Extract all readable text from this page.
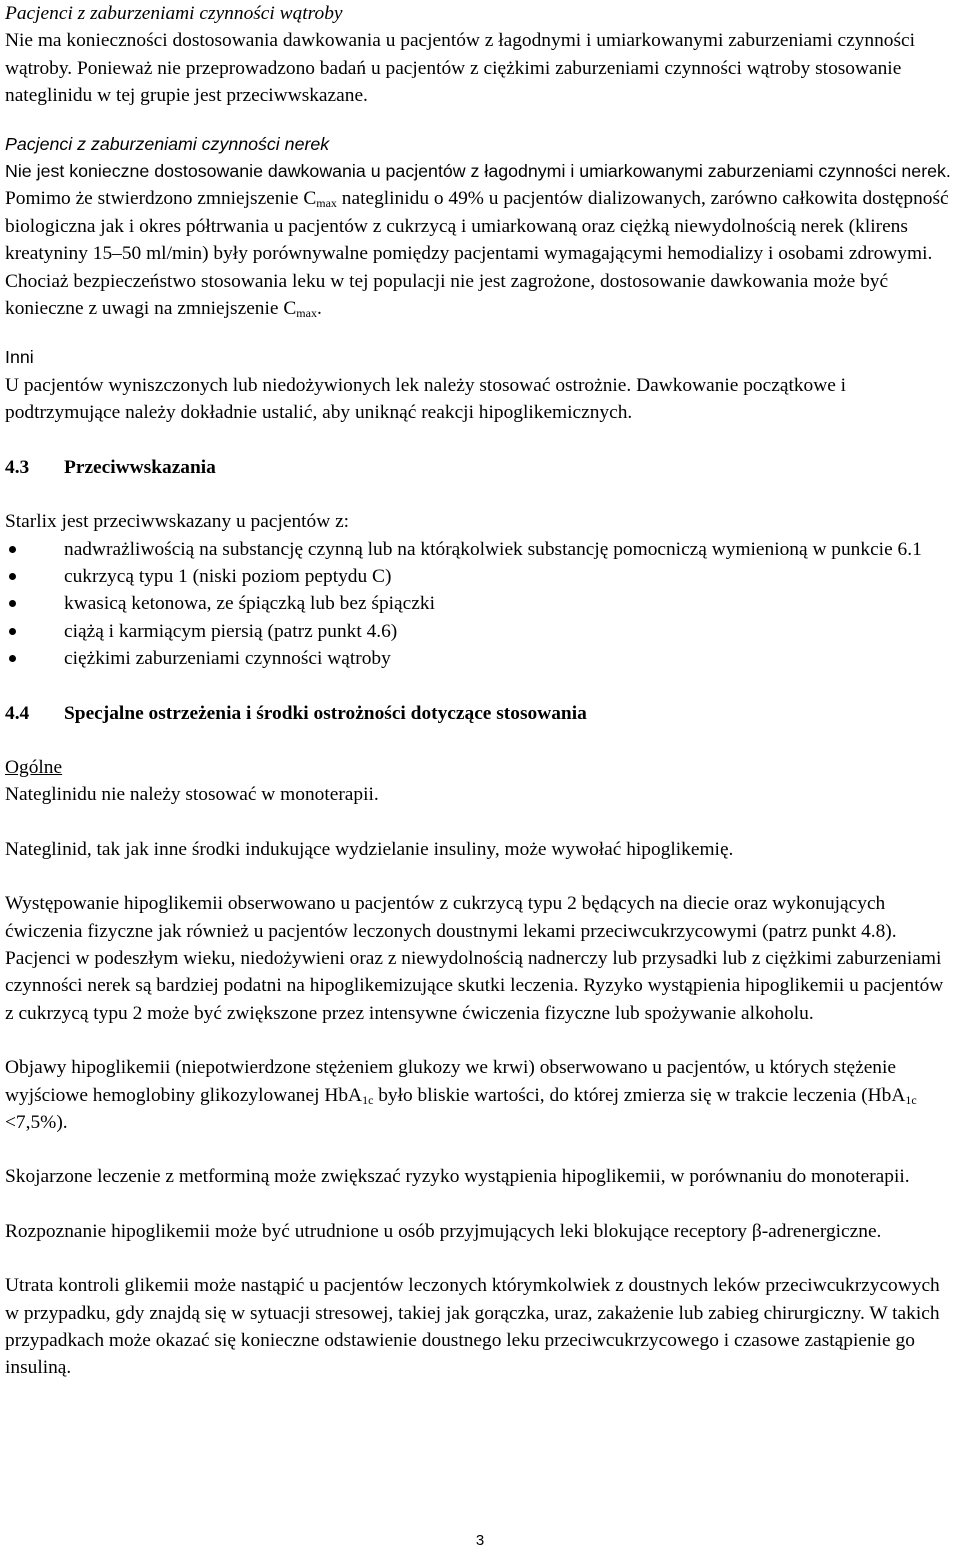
Pacjenci z zaburzeniami czynności wątroby

Nie ma konieczności dostosowania dawkowania u pacjentów z łagodnymi i umiarkowanymi zaburzeniami czynności wątroby. Ponieważ nie przeprowadzono badań u pacjentów z ciężkimi zaburzeniami czynności wątroby stosowanie nateglinidu w tej grupie jest przeciwwskazane.

Pacjenci z zaburzeniami czynności nerek

Nie jest konieczne dostosowanie dawkowania u pacjentów z łagodnymi i umiarkowanymi zaburzeniami czynności nerek. Pomimo że stwierdzono zmniejszenie $C_{max}$ nateglinidu o 49% u pacjentów dializowanych, zarówno całkowita dostępność biologiczna jak i okres półtrwania u pacjentów z cukrzycą i umiarkowaną oraz ciężką niewydolnością nerek (klirens kreatyniny 15–50 ml/min) były porównywalne pomiędzy pacjentami wymagającymi hemodializy i osobami zdrowymi. Chociaż bezpieczeństwo stosowania leku w tej populacji nie jest zagrożone, dostosowanie dawkowania może być konieczne z uwagi na zmniejszenie $C_{max}$.

Inni

U pacjentów wyniszczonych lub niedożywionych lek należy stosować ostrożnie. Dawkowanie początkowe i podtrzymujące należy dokładnie ustalić, aby uniknąć reakcji hipoglikemicznych.

4.3 Przeciwwskazania

Starlix jest przeciwwskazany u pacjentów z:

nadwrażliwością na substancję czynną lub na którąkolwiek substancję pomocniczą wymienioną w punkcie 6.1
cukrzycą typu 1 (niski poziom peptydu C)
kwasicą ketonowa, ze śpiączką lub bez śpiączki
ciążą i karmiącym piersią (patrz punkt 4.6)
ciężkimi zaburzeniami czynności wątroby

4.4 Specjalne ostrzeżenia i środki ostrożności dotyczące stosowania

Ogólne

Nateglinidu nie należy stosować w monoterapii.

Nateglinid, tak jak inne środki indukujące wydzielanie insuliny, może wywołać hipoglikemię.

Występowanie hipoglikemii obserwowano u pacjentów z cukrzycą typu 2 będących na diecie oraz wykonujących ćwiczenia fizyczne jak również u pacjentów leczonych doustnymi lekami przeciwcukrzycowymi (patrz punkt 4.8). Pacjenci w podeszłym wieku, niedożywieni oraz z niewydolnością nadnerczy lub przysadki lub z ciężkimi zaburzeniami czynności nerek są bardziej podatni na hipoglikemizujące skutki leczenia. Ryzyko wystąpienia hipoglikemii u pacjentów z cukrzycą typu 2 może być zwiększone przez intensywne ćwiczenia fizyczne lub spożywanie alkoholu.

Objawy hipoglikemii (niepotwierdzone stężeniem glukozy we krwi) obserwowano u pacjentów, u których stężenie wyjściowe hemoglobiny glikozylowanej HbA$_{1c}$ było bliskie wartości, do której zmierza się w trakcie leczenia (HbA$_{1c}$ <7,5%).

Skojarzone leczenie z metforminą może zwiększać ryzyko wystąpienia hipoglikemii, w porównaniu do monoterapii.

Rozpoznanie hipoglikemii może być utrudnione u osób przyjmujących leki blokujące receptory β-adrenergiczne.

Utrata kontroli glikemii może nastąpić u pacjentów leczonych którymkolwiek z doustnych leków przeciwcukrzycowych w przypadku, gdy znajdą się w sytuacji stresowej, takiej jak gorączka, uraz, zakażenie lub zabieg chirurgiczny. W takich przypadkach może okazać się konieczne odstawienie doustnego leku przeciwcukrzycowego i czasowe zastąpienie go insuliną.

3
